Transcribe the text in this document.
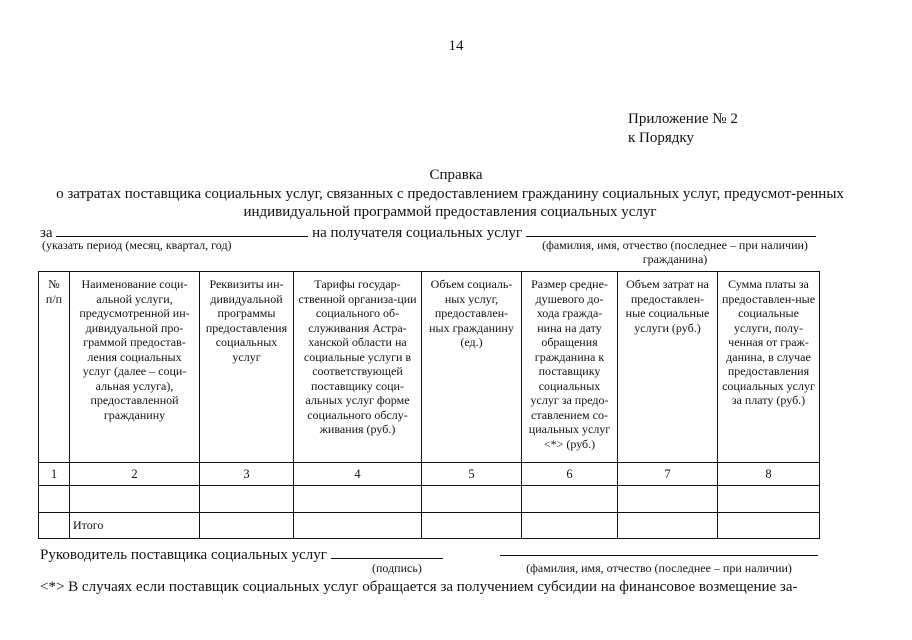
14
Приложение № 2
к Порядку
Справка
о затратах поставщика социальных услуг, связанных с предоставлением гражданину социальных услуг, предусмот-ренных индивидуальной программой предоставления социальных услуг
за	на получателя социальных услуг
(указать период (месяц, квартал, год)	(фамилия, имя, отчество (последнее – при наличии) гражданина)
№ п/п	Наименование соци-альной услуги, предусмотренной ин-дивидуальной про-граммой предостав-ления социальных услуг (далее – соци-альная услуга), предоставленной гражданину	Реквизиты ин-дивидуальной программы предоставления социальных услуг	Тарифы государ-ственной организа-ции социального об-служивания Астра-ханской области на социальные услуги в соответствующей поставщику соци-альных услуг форме социального обслу-живания (руб.)	Объем социаль-ных услуг, предоставлен-ных гражданину (ед.)	Размер средне-душевого до-хода гражда-нина на дату обращения гражданина к поставщику социальных услуг за предо-ставлением со-циальных услуг <*> (руб.)	Объем затрат на предоставлен-ные социальные услуги (руб.)	Сумма платы за предоставлен-ные социальные услуги, полу-ченная от граж-данина, в случае предоставления социальных услуг за плату (руб.)
1	2	3	4	5	6	7	8

	Итого						
Руководитель поставщика социальных услуг
(подпись)	(фамилия, имя, отчество (последнее – при наличии)
<*> В случаях если поставщик социальных услуг обращается за получением субсидии на финансовое возмещение за-
